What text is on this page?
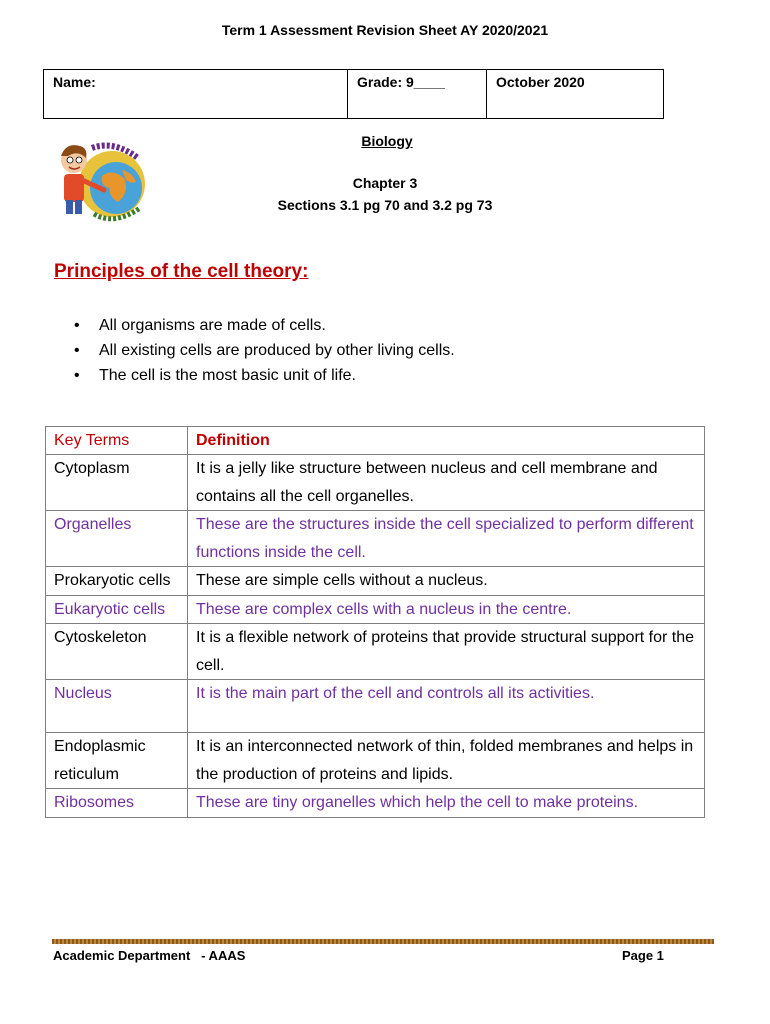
Term 1 Assessment Revision Sheet AY 2020/2021
Name:	Grade: 9____	October 2020
Biology
Chapter 3
Sections 3.1 pg 70 and 3.2 pg 73
Principles of the cell theory:
• All organisms are made of cells.
• All existing cells are produced by other living cells.
• The cell is the most basic unit of life.
Key Terms	Definition
Cytoplasm	It is a jelly like structure between nucleus and cell membrane and contains all the cell organelles.
Organelles	These are the structures inside the cell specialized to perform different functions inside the cell.
Prokaryotic cells	These are simple cells without a nucleus.
Eukaryotic cells	These are complex cells with a nucleus in the centre.
Cytoskeleton	It is a flexible network of proteins that provide structural support for the cell.
Nucleus	It is the main part of the cell and controls all its activities.
Endoplasmic reticulum	It is an interconnected network of thin, folded membranes and helps in the production of proteins and lipids.
Ribosomes	These are tiny organelles which help the cell to make proteins.
Academic Department   - AAAS	Page 1
